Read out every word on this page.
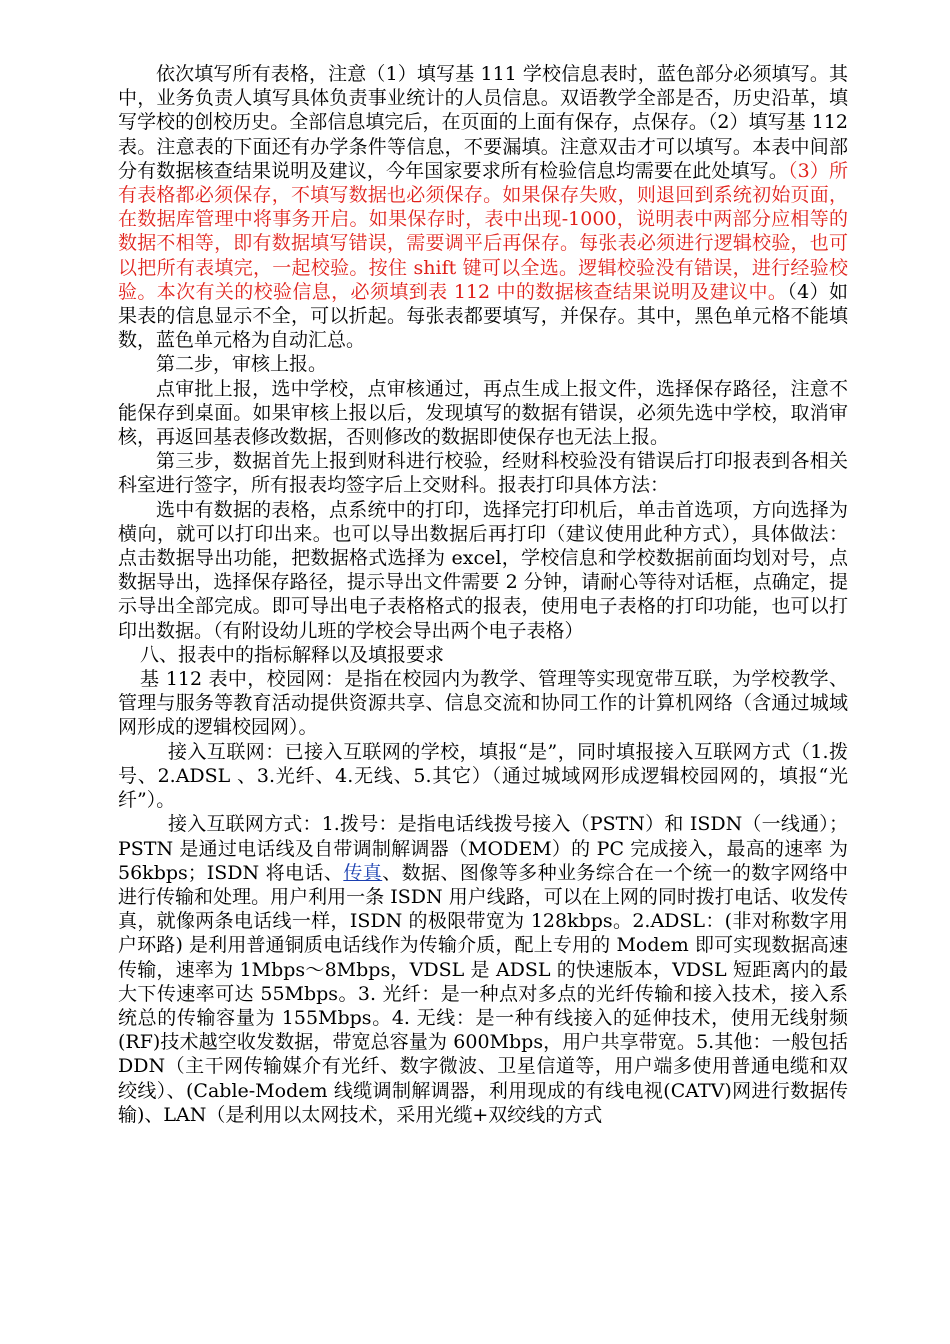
依次填写所有表格，注意（1）填写基 111 学校信息表时，蓝色部分必须填写。其中，业务负责人填写具体负责事业统计的人员信息。双语教学全部是否，历史沿革，填写学校的创校历史。全部信息填完后，在页面的上面有保存，点保存。（2）填写基 112 表。注意表的下面还有办学条件等信息，不要漏填。注意双击才可以填写。本表中间部分有数据核查结果说明及建议，今年国家要求所有检验信息均需要在此处填写。（3）所有表格都必须保存，不填写数据也必须保存。如果保存失败，则退回到系统初始页面，在数据库管理中将事务开启。如果保存时，表中出现-1000，说明表中两部分应相等的数据不相等，即有数据填写错误，需要调平后再保存。每张表必须进行逻辑校验，也可以把所有表填完，一起校验。按住 shift 键可以全选。逻辑校验没有错误，进行经验校验。本次有关的校验信息，必须填到表 112 中的数据核查结果说明及建议中。（4）如果表的信息显示不全，可以折起。每张表都要填写，并保存。其中，黑色单元格不能填数，蓝色单元格为自动汇总。

第二步，审核上报。

点审批上报，选中学校，点审核通过，再点生成上报文件，选择保存路径，注意不能保存到桌面。如果审核上报以后，发现填写的数据有错误，必须先选中学校，取消审核，再返回基表修改数据，否则修改的数据即使保存也无法上报。

第三步，数据首先上报到财科进行校验，经财科校验没有错误后打印报表到各相关科室进行签字，所有报表均签字后上交财科。报表打印具体方法：

选中有数据的表格，点系统中的打印，选择完打印机后，单击首选项，方向选择为横向，就可以打印出来。也可以导出数据后再打印（建议使用此种方式），具体做法：点击数据导出功能，把数据格式选择为 excel，学校信息和学校数据前面均划对号，点数据导出，选择保存路径，提示导出文件需要 2 分钟，请耐心等待对话框，点确定，提示导出全部完成。即可导出电子表格格式的报表，使用电子表格的打印功能，也可以打印出数据。（有附设幼儿班的学校会导出两个电子表格）

八、报表中的指标解释以及填报要求

基 112 表中，校园网：是指在校园内为教学、管理等实现宽带互联，为学校教学、管理与服务等教育活动提供资源共享、信息交流和协同工作的计算机网络（含通过城域网形成的逻辑校园网）。

接入互联网：已接入互联网的学校，填报“是”，同时填报接入互联网方式（1.拨号、2.ADSL 、3.光纤、4.无线、5.其它）（通过城域网形成逻辑校园网的，填报“光纤”）。

接入互联网方式：1.拨号：是指电话线拨号接入（PSTN）和 ISDN（一线通）；PSTN 是通过电话线及自带调制解调器（MODEM）的 PC 完成接入，最高的速率 为 56kbps；ISDN 将电话、传真、数据、图像等多种业务综合在一个统一的数字网络中进行传输和处理。用户利用一条 ISDN 用户线路，可以在上网的同时拨打电话、收发传真，就像两条电话线一样，ISDN 的极限带宽为 128kbps。2.ADSL：(非对称数字用户环路) 是利用普通铜质电话线作为传输介质，配上专用的 Modem 即可实现数据高速传输，速率为 1Mbps～8Mbps，VDSL 是 ADSL 的快速版本，VDSL 短距离内的最大下传速率可达 55Mbps。3. 光纤：是一种点对多点的光纤传输和接入技术，接入系统总的传输容量为 155Mbps。4. 无线：是一种有线接入的延伸技术，使用无线射频(RF)技术越空收发数据，带宽总容量为 600Mbps，用户共享带宽。5.其他：一般包括 DDN（主干网传输媒介有光纤、数字微波、卫星信道等，用户端多使用普通电缆和双绞线）、(Cable-Modem 线缆调制解调器，利用现成的有线电视(CATV)网进行数据传输)、LAN（是利用以太网技术，采用光缆+双绞线的方式
